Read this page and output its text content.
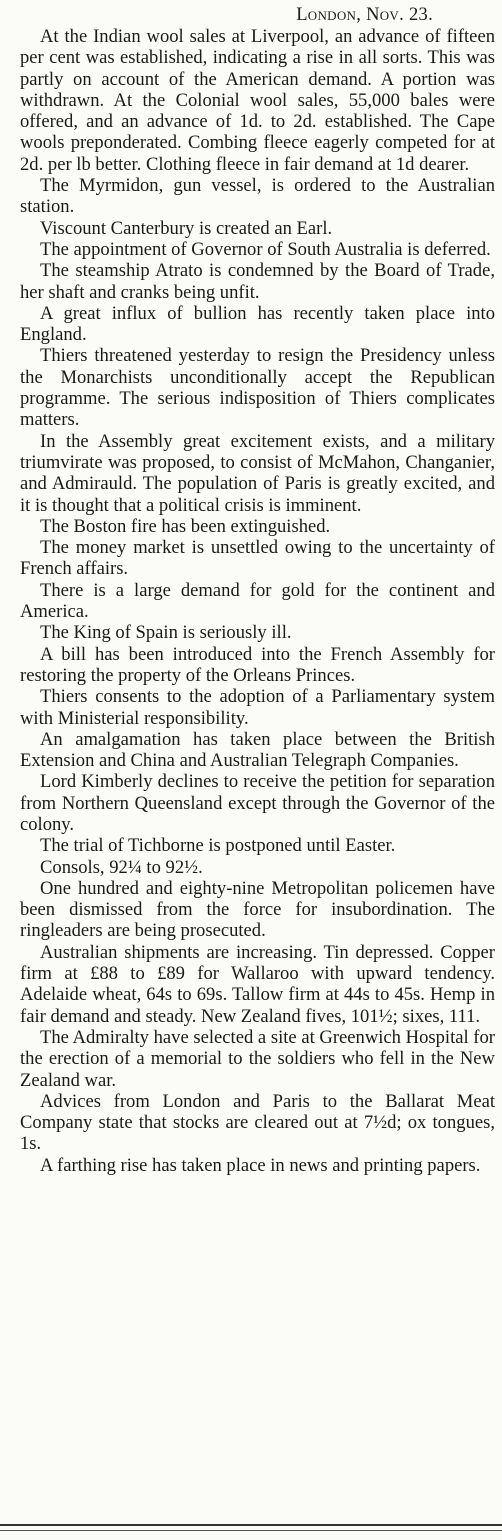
London, Nov. 23.

At the Indian wool sales at Liverpool, an advance of fifteen per cent was established, indicating a rise in all sorts. This was partly on account of the American demand. A portion was withdrawn. At the Colonial wool sales, 55,000 bales were offered, and an advance of 1d. to 2d. established. The Cape wools preponderated. Combing fleece eagerly competed for at 2d. per lb better. Clothing fleece in fair demand at 1d dearer.

The Myrmidon, gun vessel, is ordered to the Australian station.

Viscount Canterbury is created an Earl.

The appointment of Governor of South Australia is deferred.

The steamship Atrato is condemned by the Board of Trade, her shaft and cranks being unfit.

A great influx of bullion has recently taken place into England.

Thiers threatened yesterday to resign the Presidency unless the Monarchists unconditionally accept the Republican programme. The serious indisposition of Thiers complicates matters.

In the Assembly great excitement exists, and a military triumvirate was proposed, to consist of McMahon, Changanier, and Admirauld. The population of Paris is greatly excited, and it is thought that a political crisis is imminent.

The Boston fire has been extinguished.

The money market is unsettled owing to the uncertainty of French affairs.

There is a large demand for gold for the continent and America.

The King of Spain is seriously ill.

A bill has been introduced into the French Assembly for restoring the property of the Orleans Princes.

Thiers consents to the adoption of a Parliamentary system with Ministerial responsibility.

An amalgamation has taken place between the British Extension and China and Australian Telegraph Companies.

Lord Kimberly declines to receive the petition for separation from Northern Queensland except through the Governor of the colony.

The trial of Tichborne is postponed until Easter.

Consols, 92¼ to 92½.

One hundred and eighty-nine Metropolitan policemen have been dismissed from the force for insubordination. The ringleaders are being prosecuted.

Australian shipments are increasing. Tin depressed. Copper firm at £88 to £89 for Wallaroo with upward tendency. Adelaide wheat, 64s to 69s. Tallow firm at 44s to 45s. Hemp in fair demand and steady. New Zealand fives, 101½; sixes, 111.

The Admiralty have selected a site at Greenwich Hospital for the erection of a memorial to the soldiers who fell in the New Zealand war.

Advices from London and Paris to the Ballarat Meat Company state that stocks are cleared out at 7½d; ox tongues, 1s.

A farthing rise has taken place in news and printing papers.
